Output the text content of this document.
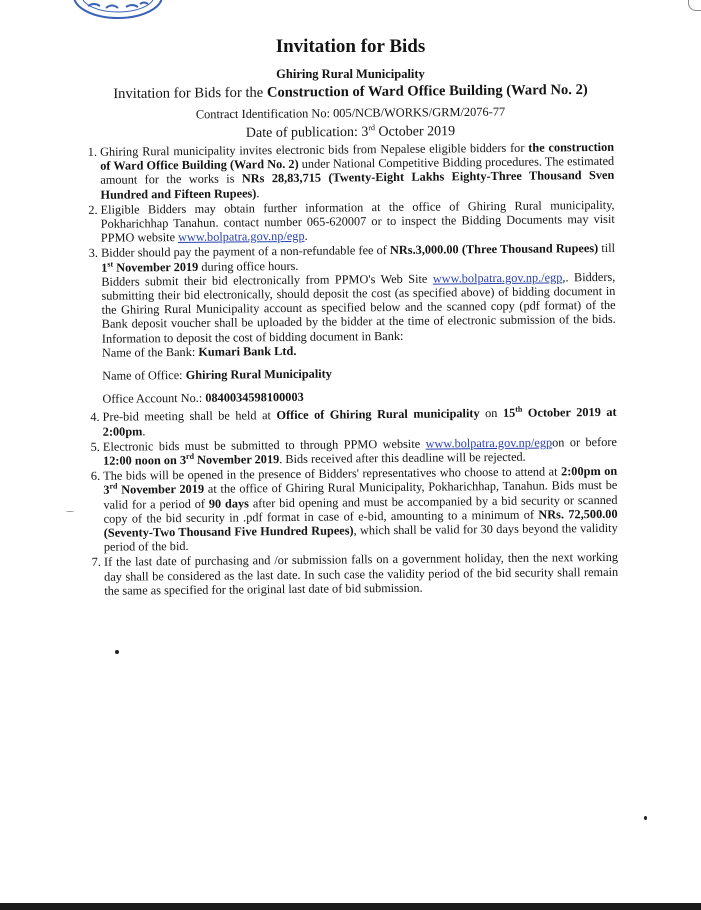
Invitation for Bids
Ghiring Rural Municipality
Invitation for Bids for the Construction of Ward Office Building (Ward No. 2)
Contract Identification No: 005/NCB/WORKS/GRM/2076-77
Date of publication: 3rd October 2019
1. Ghiring Rural municipality invites electronic bids from Nepalese eligible bidders for the construction of Ward Office Building (Ward No. 2) under National Competitive Bidding procedures. The estimated amount for the works is NRs 28,83,715 (Twenty-Eight Lakhs Eighty-Three Thousand Sven Hundred and Fifteen Rupees).
2. Eligible Bidders may obtain further information at the office of Ghiring Rural municipality, Pokharichhap Tanahun. contact number 065-620007 or to inspect the Bidding Documents may visit PPMO website www.bolpatra.gov.np/egp.
3. Bidder should pay the payment of a non-refundable fee of NRs.3,000.00 (Three Thousand Rupees) till 1st November 2019 during office hours.
Bidders submit their bid electronically from PPMO's Web Site www.bolpatra.gov.np./egp,. Bidders, submitting their bid electronically, should deposit the cost (as specified above) of bidding document in the Ghiring Rural Municipality account as specified below and the scanned copy (pdf format) of the Bank deposit voucher shall be uploaded by the bidder at the time of electronic submission of the bids. Information to deposit the cost of bidding document in Bank:
Name of the Bank: Kumari Bank Ltd.
Name of Office: Ghiring Rural Municipality
Office Account No.: 0840034598100003
4. Pre-bid meeting shall be held at Office of Ghiring Rural municipality on 15th October 2019 at 2:00pm.
5. Electronic bids must be submitted to through PPMO website www.bolpatra.gov.np/egpon or before 12:00 noon on 3rd November 2019. Bids received after this deadline will be rejected.
6. The bids will be opened in the presence of Bidders' representatives who choose to attend at 2:00pm on 3rd November 2019 at the office of Ghiring Rural Municipality, Pokharichhap, Tanahun. Bids must be valid for a period of 90 days after bid opening and must be accompanied by a bid security or scanned copy of the bid security in .pdf format in case of e-bid, amounting to a minimum of NRs. 72,500.00 (Seventy-Two Thousand Five Hundred Rupees), which shall be valid for 30 days beyond the validity period of the bid.
7. If the last date of purchasing and /or submission falls on a government holiday, then the next working day shall be considered as the last date. In such case the validity period of the bid security shall remain the same as specified for the original last date of bid submission.
